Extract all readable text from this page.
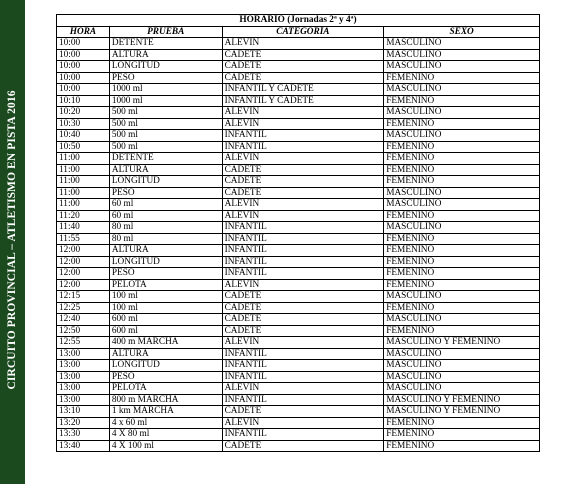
CIRCUITO PROVINCIAL – ATLETISMO EN PISTA 2016
HORARIO (Jornadas 2ª y 4ª)			
HORA	PRUEBA	CATEGORÍA	SEXO
10:00	DETENTE	ALEVIN	MASCULINO
10:00	ALTURA	CADETE	MASCULINO
10:00	LONGITUD	CADETE	MASCULINO
10:00	PESO	CADETE	FEMENINO
10:00	1000 ml	INFANTIL Y CADETE	MASCULINO
10:10	1000 ml	INFANTIL Y CADETE	FEMENINO
10:20	500 ml	ALEVIN	MASCULINO
10:30	500 ml	ALEVIN	FEMENINO
10:40	500 ml	INFANTIL	MASCULINO
10:50	500 ml	INFANTIL	FEMENINO
11:00	DETENTE	ALEVIN	FEMENINO
11:00	ALTURA	CADETE	FEMENINO
11:00	LONGITUD	CADETE	FEMENINO
11:00	PESO	CADETE	MASCULINO
11:00	60 ml	ALEVIN	MASCULINO
11:20	60 ml	ALEVIN	FEMENINO
11:40	80 ml	INFANTIL	MASCULINO
11:55	80 ml	INFANTIL	FEMENINO
12:00	ALTURA	INFANTIL	FEMENINO
12:00	LONGITUD	INFANTIL	FEMENINO
12:00	PESO	INFANTIL	FEMENINO
12:00	PELOTA	ALEVIN	FEMENINO
12:15	100 ml	CADETE	MASCULINO
12:25	100 ml	CADETE	FEMENINO
12:40	600 ml	CADETE	MASCULINO
12:50	600 ml	CADETE	FEMENINO
12:55	400 m MARCHA	ALEVIN	MASCULINO Y FEMENINO
13:00	ALTURA	INFANTIL	MASCULINO
13:00	LONGITUD	INFANTIL	MASCULINO
13:00	PESO	INFANTIL	MASCULINO
13:00	PELOTA	ALEVIN	MASCULINO
13:00	800 m MARCHA	INFANTIL	MASCULINO Y FEMENINO
13:10	1 km MARCHA	CADETE	MASCULINO Y FEMENINO
13:20	4 x 60 ml	ALEVIN	FEMENINO
13:30	4 X 80 ml	INFANTIL	FEMENINO
13:40	4 X 100 ml	CADETE	FEMENINO
